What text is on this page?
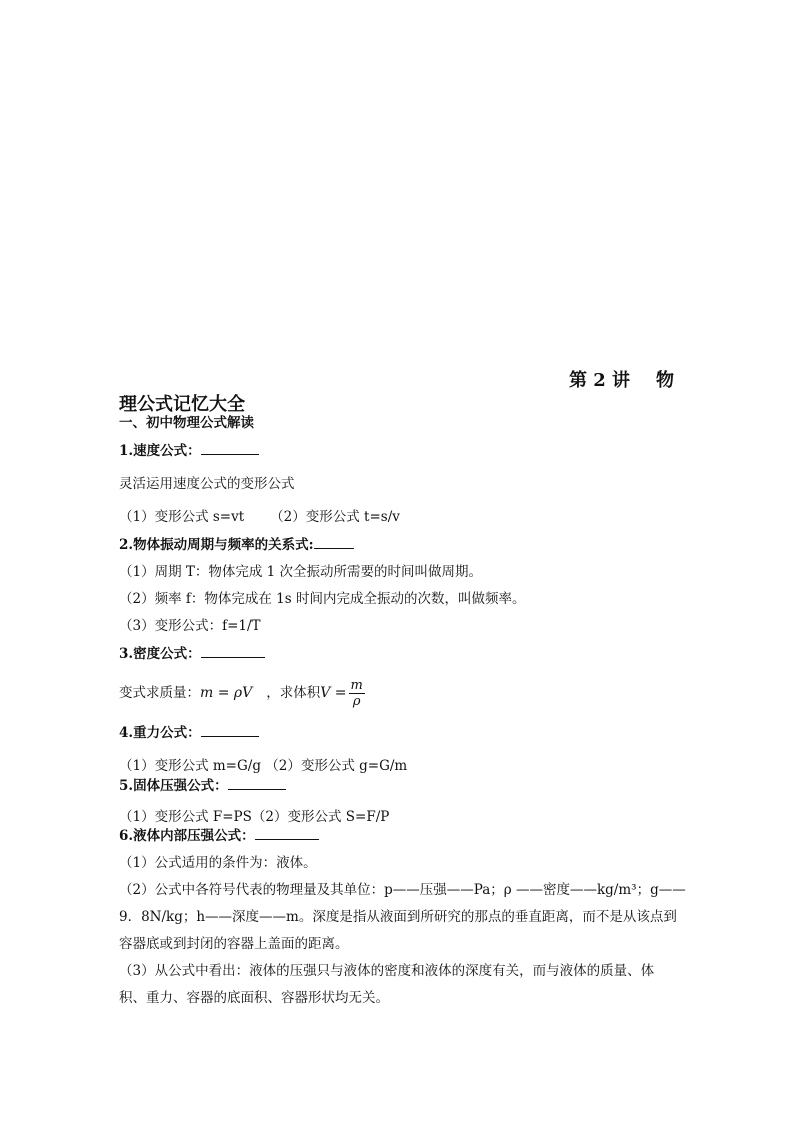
第 2 讲 物
理公式记忆大全
一、初中物理公式解读
1.速度公式：
灵活运用速度公式的变形公式
（1）变形公式 s=vt （2）变形公式 t=s/v
2.物体振动周期与频率的关系式:
（1）周期 T：物体完成 1 次全振动所需要的时间叫做周期。
（2）频率 f：物体完成在 1s 时间内完成全振动的次数，叫做频率。
（3）变形公式：f=1/T
3.密度公式：
变式求质量：m = ρV ，求体积$V = \frac{m}{\rho}$
4.重力公式：
（1）变形公式 m=G/g （2）变形公式 g=G/m
5.固体压强公式：
（1）变形公式 F=PS（2）变形公式 S=F/P
6.液体内部压强公式：
（1）公式适用的条件为：液体。
（2）公式中各符号代表的物理量及其单位：p——压强——Pa；ρ ——密度——kg/m³；g——
9．8N/kg；h——深度——m。深度是指从液面到所研究的那点的垂直距离，而不是从该点到
容器底或到封闭的容器上盖面的距离。
（3）从公式中看出：液体的压强只与液体的密度和液体的深度有关，而与液体的质量、体
积、重力、容器的底面积、容器形状均无关。
